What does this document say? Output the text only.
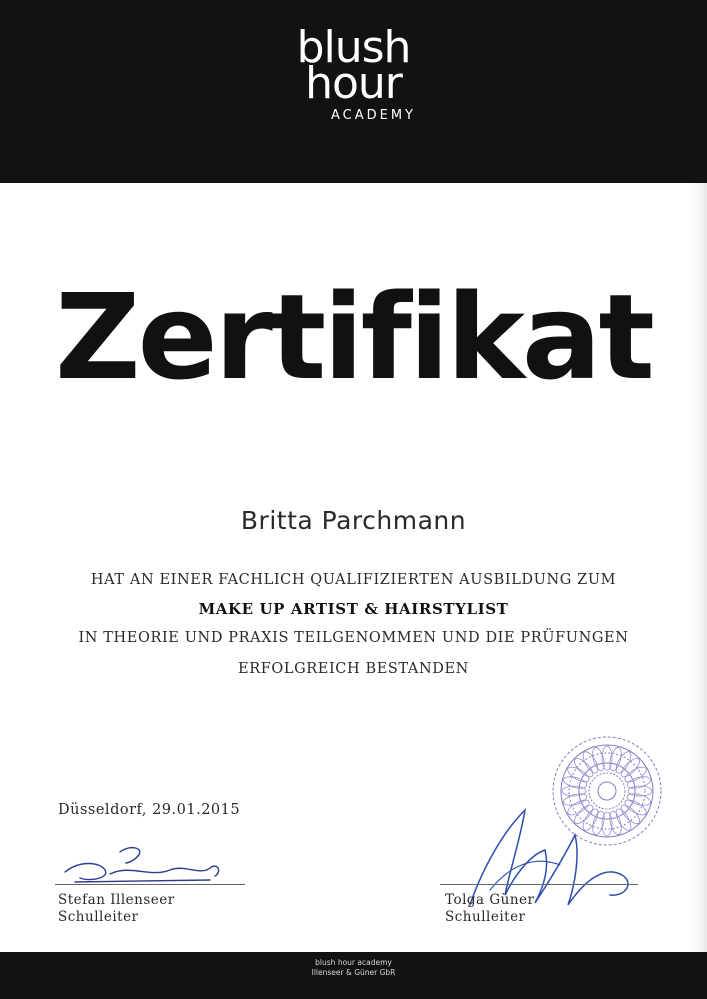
blush
hour
ACADEMY
Zertifikat
Britta Parchmann
HAT AN EINER FACHLICH QUALIFIZIERTEN AUSBILDUNG ZUM
MAKE UP ARTIST & HAIRSTYLIST
IN THEORIE UND PRAXIS TEILGENOMMEN UND DIE PRÜFUNGEN
ERFOLGREICH BESTANDEN
Düsseldorf, 29.01.2015
Stefan Illenseer
Schulleiter
Tolga Güner
Schulleiter
blush hour academy
Illenseer & Güner GbR
